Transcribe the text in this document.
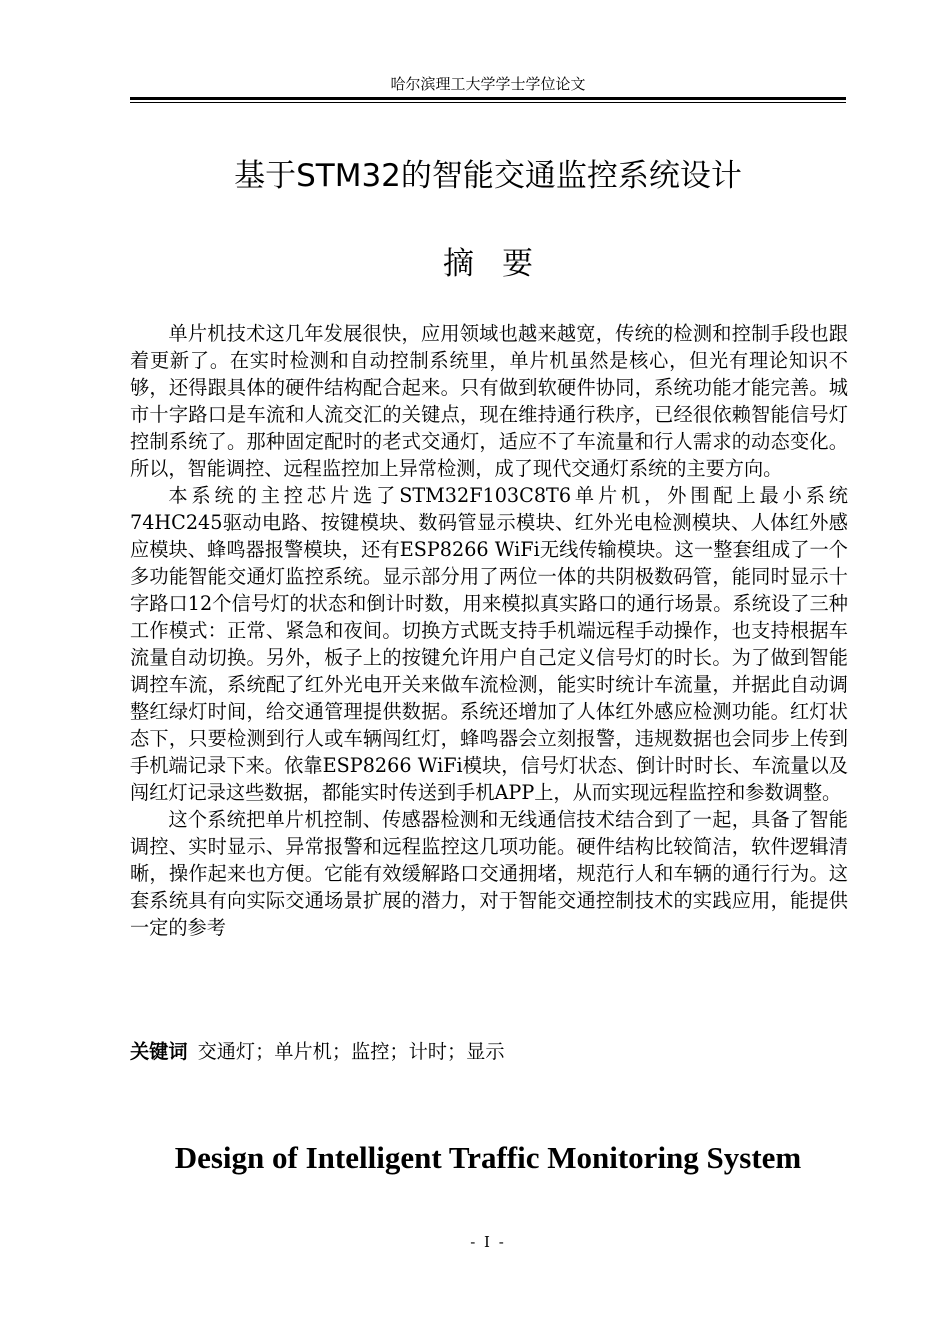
哈尔滨理工大学学士学位论文
基于STM32的智能交通监控系统设计
摘要

单片机技术这几年发展很快，应用领域也越来越宽，传统的检测和控制手段也跟着更新了。在实时检测和自动控制系统里，单片机虽然是核心，但光有理论知识不够，还得跟具体的硬件结构配合起来。只有做到软硬件协同，系统功能才能完善。城市十字路口是车流和人流交汇的关键点，现在维持通行秩序，已经很依赖智能信号灯控制系统了。那种固定配时的老式交通灯，适应不了车流量和行人需求的动态变化。所以，智能调控、远程监控加上异常检测，成了现代交通灯系统的主要方向。

本系统的主控芯片选了STM32F103C8T6单片机，外围配上最小系统74HC245驱动电路、按键模块、数码管显示模块、红外光电检测模块、人体红外感应模块、蜂鸣器报警模块，还有ESP8266 WiFi无线传输模块。这一整套组成了一个多功能智能交通灯监控系统。显示部分用了两位一体的共阴极数码管，能同时显示十字路口12个信号灯的状态和倒计时数，用来模拟真实路口的通行场景。系统设了三种工作模式：正常、紧急和夜间。切换方式既支持手机端远程手动操作，也支持根据车流量自动切换。另外，板子上的按键允许用户自己定义信号灯的时长。为了做到智能调控车流，系统配了红外光电开关来做车流检测，能实时统计车流量，并据此自动调整红绿灯时间，给交通管理提供数据。系统还增加了人体红外感应检测功能。红灯状态下，只要检测到行人或车辆闯红灯，蜂鸣器会立刻报警，违规数据也会同步上传到手机端记录下来。依靠ESP8266 WiFi模块，信号灯状态、倒计时时长、车流量以及闯红灯记录这些数据，都能实时传送到手机APP上，从而实现远程监控和参数调整。

这个系统把单片机控制、传感器检测和无线通信技术结合到了一起，具备了智能调控、实时显示、异常报警和远程监控这几项功能。硬件结构比较简洁，软件逻辑清晰，操作起来也方便。它能有效缓解路口交通拥堵，规范行人和车辆的通行行为。这套系统具有向实际交通场景扩展的潜力，对于智能交通控制技术的实践应用，能提供一定的参考

关键词 交通灯；单片机；监控；计时；显示
Design of Intelligent Traffic Monitoring System
- I -
